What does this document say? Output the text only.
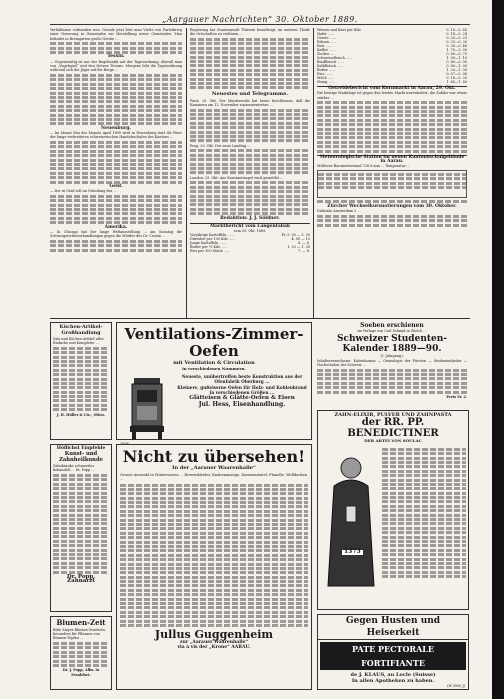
„Aargauer Nachrichten“ 30. Oktober 1889.

Verhältnisse vorhanden sein. Gerade jetzt hört man Vieles von Parteikrieg einer Neuerung in Gemeinden zur Herstellung neuer Gemeinden. Man befindet in Bremgarten große Geräte ...

Tessin.

— Gegenwärtig ist nur der Bogelmarkt auf der Tagesordnung, überall man von „Vogelspiel“ und den Netzen Tessins. Morgens lebt die Tagesordnung während sich die Jäger auf die Berge ...

Neuenburg.

— Im Monat Mai des Monats April 1890 wird in Neuenburg statt die Feier der lange verbreiteten schweizerischen Handelsschulen des Kantons ...

Genf.

— Der in Genf soll im Gründung des ...

Amerika.

— In Chicago hat der lange Weltausstellung ... am Sonntag die Schwurgerichtsverhandlungen gegen die Mörder des Dr. Cronin ...

Regierung hat Staatsanwalt Thierrin beauftragt, im unteren Theile die Ortschaften zu verhören ...

Neuestes und Telegramme.

Paris, 29. Okt. Der Ministerrath hat heute beschlossen, daß die Kammern am 12. November zusammentreten ...

Prag, 29. Okt. Der neue Landtag ...

London, 29. Okt. Aus Konstantinopel wird gemeldet ...

Redaktion: J. J. Söldner.
Marktbericht vom Langentabak
vom 29. Okt. 1889.
Vorjährige Kartoffeln ......	Fr. 5. 00 — 5. 50
Dürrobst per 100 Kilo ......	4. 00 — 10
Junge Kartoffeln ......	6. — 8.
Butter per ½ Kilo ......	1. 20 — 1. 30
Eier per 100 Stück ......	7. — 8.
Weizen und Käss per Kilo	0. 10—0. 60
Hafer ......	0. 18—0. 24
Gerste ......	0. 20—0. 25
Erbsen ......	0. 25—0. 30
Reis ......	0. 30—0. 46
Kaffee ......	1. 70—2. 00
Zucker ......	0. 60—0. 70
Schweinefleisch ......	1. 00—1. 10
Rindfleisch ......	0. 80—0. 90
Kalbfleisch ......	0. 80—1. 00
Butter ......	1. 20—1. 30
Eier ......	0. 07—0. 08
Milch ......	0. 18—0. 20
Honig ......	1. 60—1. 80
Getreidebericht vom Kornmarkt in Aarau, 29. Okt.

Die heutige Marktlage ist gegen den letzten Markt unverändert; die Zufuhr war etwas stärker ...

Meteorologische Station im neuen Kantonsschulgebäude in Aarau.

Mittlerer Barometerstand 726.8 mm ... Temperatur ...

Zürcher Wechselkursnotierungen vom 30. Oktober.

Diskonto Amsterdam 3 ...

Küchen-Artikel-Großhandlung

Salz und Küchen-Artikel alles Einfache und Komplette ...

J. H. Hüller & Cie., Olten.
Ventilations-Zimmer-Oefen
mit Ventilation & Circulation
in verschiedenen Nummern.
1884

Neueste, unübertroffen beste Konstruktion aus der Ofenfabrik Oberburg ...

Kleinere, gußeiserne Oefen für Holz- und Kohlenbrand in verschiedenen Größen ...

Glätteisen & Glätte-Oefen & Eisen

Jul. Hess, Eisenhandlung.

Soeben erschienen

im Verlage von Carl Schmid in Zürich ...

Schweizer Studenten-Kalender 1889—90.
(I. Jahrgang.)

Inhaltsverzeichniss: Kalendarium — Genealogie der Fürsten — Studentenlieder — Hochschulen der Schweiz ...

Preis Fr. 2.
Höflichst Empfehle
Kunst- und Zahnheilkunde

Zahnkranke schmerzlos behandelt ... Dr. Popp ...

Dr. Popp, Zahnarzt
Blumen-Zeit

Bitte Mayer-Blumen-Zwiebeln, besonders für Pflanzen von Blumen-Töpfen ...

Dr. J. Popp, Albs. in Frankfurt.
Nicht zu übersehen!
In der „Aarauer Waarenhalle“

Grosse Auswahl in Winterwaren ... Herrenkleider, Knabenanzüge, Damenmäntel, Flanelle, Wolldecken ...

Jullus Guggenheim
zur „Aarauer Waarenhalle“
via à vis der „Krone“ AARAU.
ZAHN-ELIXIR, PULVER UND ZAHNPASTA
der RR. PP. BENEDICTINER
DER ABTEI VON SOULAC
1373
Gegen Husten und Heiserkeit
PATE PECTORALE FORTIFIANTE
de J. KLAUS, au Locle (Suisse)
In allen Apotheken zu haben.
(H 3000 J)
